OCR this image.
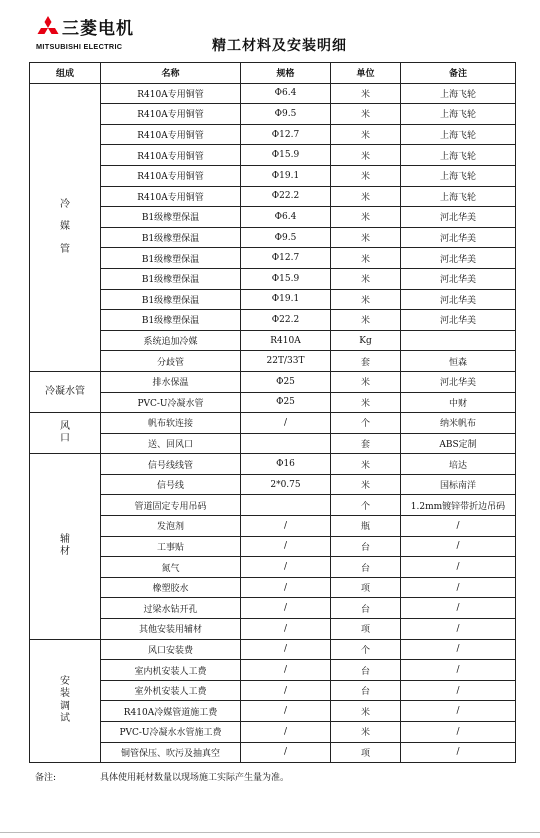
三菱电机
MITSUBISHI ELECTRIC	精工材料及安装明细
组成	名称	规格	单位	备注

冷
媒
管	R410A专用铜管	Φ6.4	米	上海飞轮
	R410A专用铜管	Φ9.5	米	上海飞轮
	R410A专用铜管	Φ12.7	米	上海飞轮
	R410A专用铜管	Φ15.9	米	上海飞轮
	R410A专用铜管	Φ19.1	米	上海飞轮
	R410A专用铜管	Φ22.2	米	上海飞轮
	B1级橡塑保温	Φ6.4	米	河北华美
	B1级橡塑保温	Φ9.5	米	河北华美
	B1级橡塑保温	Φ12.7	米	河北华美
	B1级橡塑保温	Φ15.9	米	河北华美
	B1级橡塑保温	Φ19.1	米	河北华美
	B1级橡塑保温	Φ22.2	米	河北华美
	系统追加冷媒	R410A	Kg	
	分歧管	22T/33T	套	恒森

冷凝水管	排水保温	Φ25	米	河北华美
	PVC-U冷凝水管	Φ25	米	中财

风
口	帆布软连接	/	个	纳米帆布
	送、回风口		套	ABS定制

辅
材	信号线线管	Φ16	米	培达
	信号线	2*0.75	米	国标南洋
	管道固定专用吊码		个	1.2mm镀锌带折边吊码
	发泡剂	/	瓶	/
	工事贴	/	台	/
	氮气	/	台	/
	橡塑胶水	/	项	/
	过梁水钻开孔	/	台	/
	其他安装用辅材	/	项	/

安
装
调
试	风口安装费	/	个	/
	室内机安装人工费	/	台	/
	室外机安装人工费	/	台	/
	R410A冷媒管道施工费	/	米	/
	PVC-U冷凝水水管施工费	/	米	/
	铜管保压、吹污及抽真空	/	项	/
备注:	具体使用耗材数量以现场施工实际产生量为准。
